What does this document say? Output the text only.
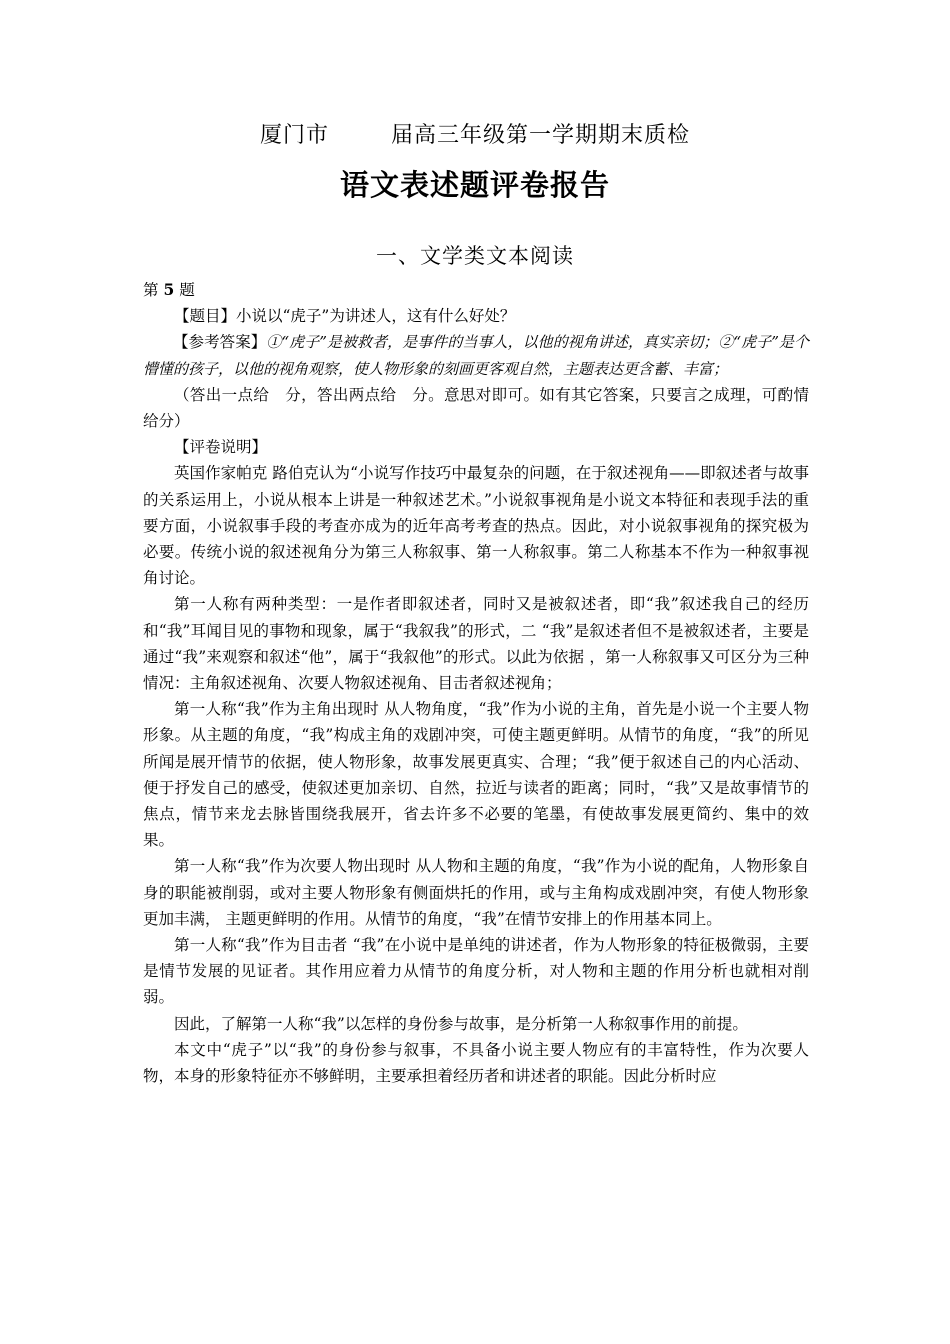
厦门市	届高三年级第一学期期末质检
语文表述题评卷报告
一、文学类文本阅读

第 5 题

【题目】小说以“虎子”为讲述人，这有什么好处？

【参考答案】①“虎子”是被救者，是事件的当事人，以他的视角讲述，真实亲切；②“虎子”是个懵懂的孩子，以他的视角观察，使人物形象的刻画更客观自然，主题表达更含蓄、丰富；

（答出一点给　分，答出两点给　分。意思对即可。如有其它答案，只要言之成理，可酌情给分）

【评卷说明】

英国作家帕克 路伯克认为“小说写作技巧中最复杂的问题，在于叙述视角——即叙述者与故事的关系运用上，小说从根本上讲是一种叙述艺术。”小说叙事视角是小说文本特征和表现手法的重要方面，小说叙事手段的考查亦成为的近年高考考查的热点。因此，对小说叙事视角的探究极为必要。传统小说的叙述视角分为第三人称叙事、第一人称叙事。第二人称基本不作为一种叙事视角讨论。

第一人称有两种类型：一是作者即叙述者，同时又是被叙述者，即“我”叙述我自己的经历和“我”耳闻目见的事物和现象，属于“我叙我”的形式，二 “我”是叙述者但不是被叙述者，主要是通过“我”来观察和叙述“他”，属于“我叙他”的形式。以此为依据 ，第一人称叙事又可区分为三种情况：主角叙述视角、次要人物叙述视角、目击者叙述视角；

第一人称“我”作为主角出现时 从人物角度，“我”作为小说的主角，首先是小说一个主要人物形象。从主题的角度，“我”构成主角的戏剧冲突，可使主题更鲜明。从情节的角度，“我”的所见所闻是展开情节的依据，使人物形象，故事发展更真实、合理；“我”便于叙述自己的内心活动、便于抒发自己的感受，使叙述更加亲切、自然，拉近与读者的距离；同时，“我”又是故事情节的焦点，情节来龙去脉皆围绕我展开，省去许多不必要的笔墨，有使故事发展更简约、集中的效果。

第一人称“我”作为次要人物出现时 从人物和主题的角度，“我”作为小说的配角，人物形象自身的职能被削弱，或对主要人物形象有侧面烘托的作用，或与主角构成戏剧冲突，有使人物形象更加丰满， 主题更鲜明的作用。从情节的角度，“我”在情节安排上的作用基本同上。

第一人称“我”作为目击者 “我”在小说中是单纯的讲述者，作为人物形象的特征极微弱，主要是情节发展的见证者。其作用应着力从情节的角度分析，对人物和主题的作用分析也就相对削弱。

因此，了解第一人称“我”以怎样的身份参与故事，是分析第一人称叙事作用的前提。

本文中“虎子”以“我”的身份参与叙事，不具备小说主要人物应有的丰富特性，作为次要人物，本身的形象特征亦不够鲜明，主要承担着经历者和讲述者的职能。因此分析时应
